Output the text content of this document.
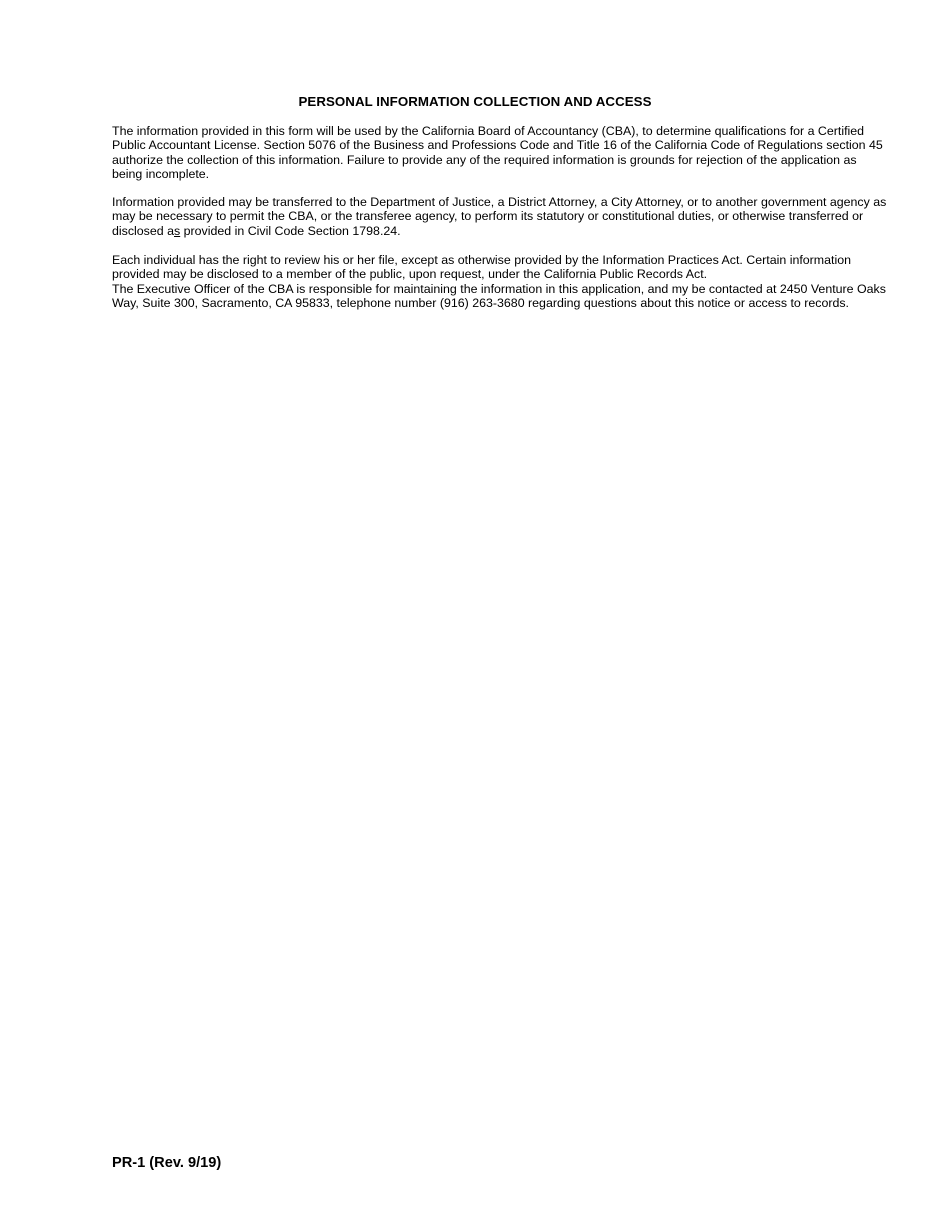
PERSONAL INFORMATION COLLECTION AND ACCESS
The information provided in this form will be used by the California Board of Accountancy (CBA), to determine qualifications for a Certified Public Accountant License. Section 5076 of the Business and Professions Code and Title 16 of the California Code of Regulations section 45 authorize the collection of this information. Failure to provide any of the required information is grounds for rejection of the application as being incomplete.
Information provided may be transferred to the Department of Justice, a District Attorney, a City Attorney, or to another government agency as may be necessary to permit the CBA, or the transferee agency, to perform its statutory or constitutional duties, or otherwise transferred or disclosed as provided in Civil Code Section 1798.24.
Each individual has the right to review his or her file, except as otherwise provided by the Information Practices Act. Certain information provided may be disclosed to a member of the public, upon request, under the California Public Records Act.
The Executive Officer of the CBA is responsible for maintaining the information in this application, and my be contacted at 2450 Venture Oaks Way, Suite 300, Sacramento, CA 95833, telephone number (916) 263-3680 regarding questions about this notice or access to records.
PR-1 (Rev. 9/19)
